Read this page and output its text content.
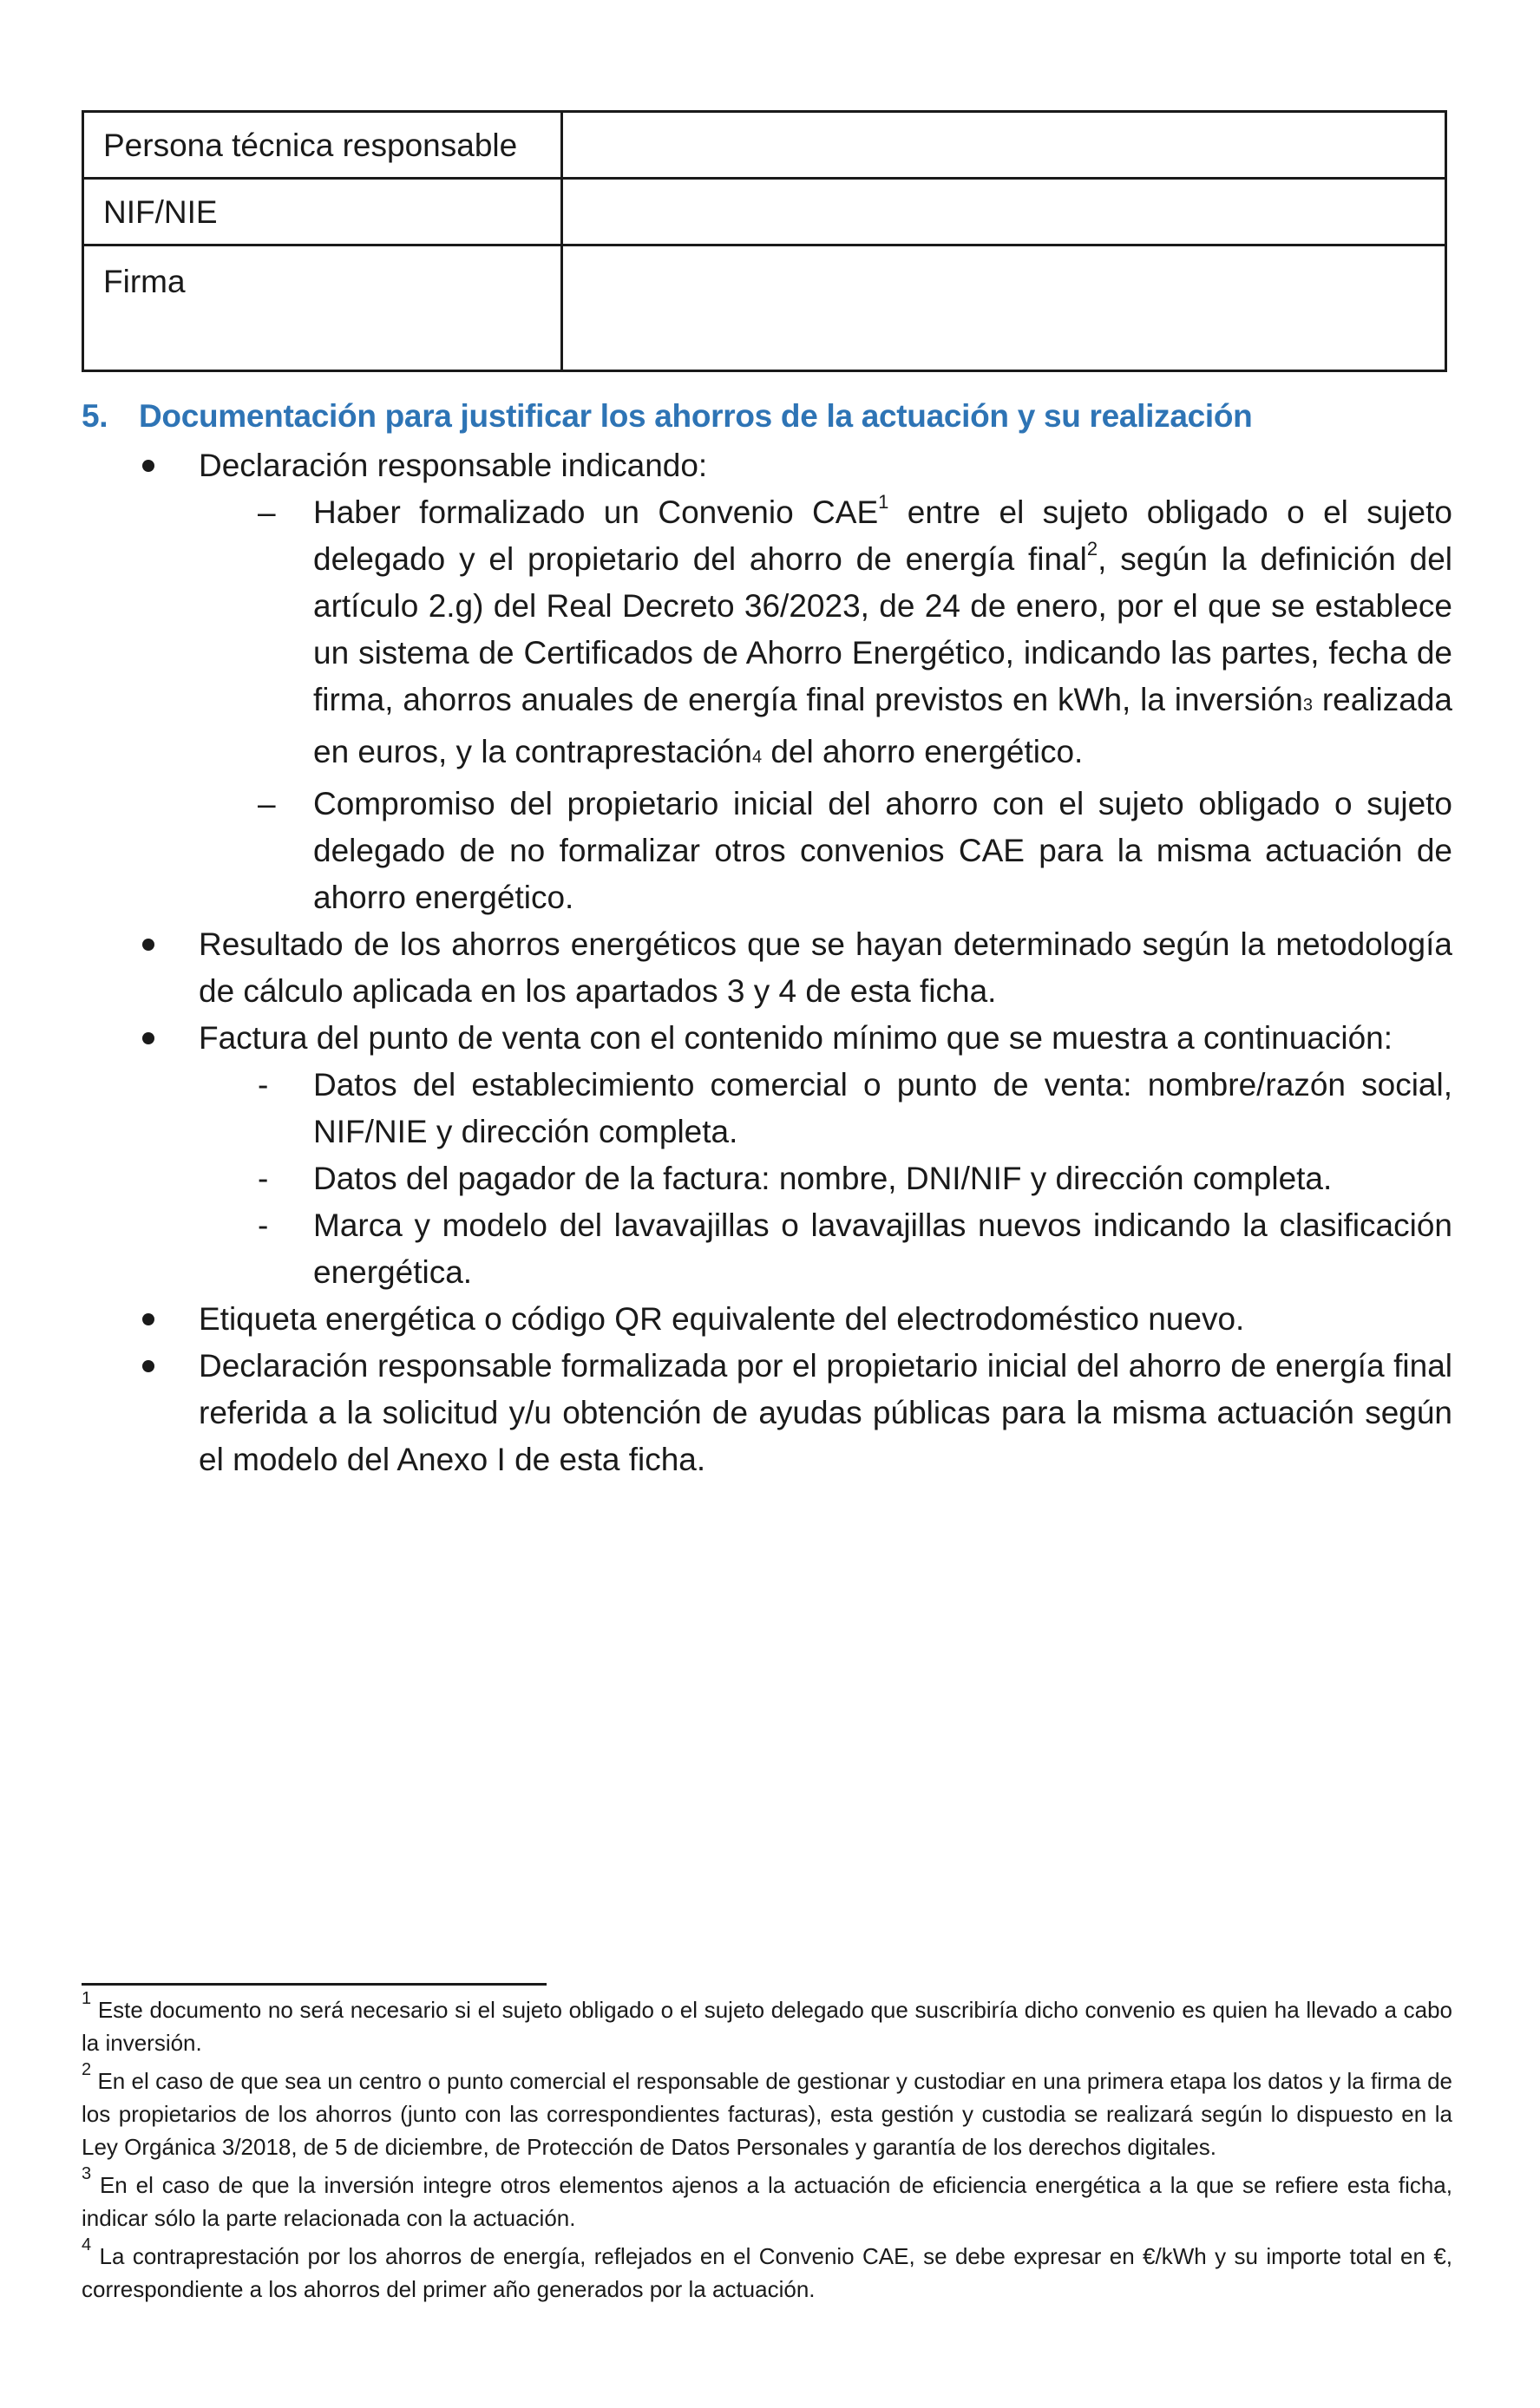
Persona técnica responsable	
NIF/NIE	
Firma	
5. Documentación para justificar los ahorros de la actuación y su realización
Declaración responsable indicando:
– Haber formalizado un Convenio CAE$^1$ entre el sujeto obligado o el sujeto delegado y el propietario del ahorro de energía final$^2$, según la definición del artículo 2.g) del Real Decreto 36/2023, de 24 de enero, por el que se establece un sistema de Certificados de Ahorro Energético, indicando las partes, fecha de firma, ahorros anuales de energía final previstos en kWh, la inversión3 realizada en euros, y la contraprestación4 del ahorro energético.
– Compromiso del propietario inicial del ahorro con el sujeto obligado o sujeto delegado de no formalizar otros convenios CAE para la misma actuación de ahorro energético.
Resultado de los ahorros energéticos que se hayan determinado según la metodología de cálculo aplicada en los apartados 3 y 4 de esta ficha.
Factura del punto de venta con el contenido mínimo que se muestra a continuación:
- Datos del establecimiento comercial o punto de venta: nombre/razón social, NIF/NIE y dirección completa.
- Datos del pagador de la factura: nombre, DNI/NIF y dirección completa.
- Marca y modelo del lavavajillas o lavavajillas nuevos indicando la clasificación energética.
Etiqueta energética o código QR equivalente del electrodoméstico nuevo.
Declaración responsable formalizada por el propietario inicial del ahorro de energía final referida a la solicitud y/u obtención de ayudas públicas para la misma actuación según el modelo del Anexo I de esta ficha.
$^1$ Este documento no será necesario si el sujeto obligado o el sujeto delegado que suscribiría dicho convenio es quien ha llevado a cabo la inversión.
$^2$ En el caso de que sea un centro o punto comercial el responsable de gestionar y custodiar en una primera etapa los datos y la firma de los propietarios de los ahorros (junto con las correspondientes facturas), esta gestión y custodia se realizará según lo dispuesto en la Ley Orgánica 3/2018, de 5 de diciembre, de Protección de Datos Personales y garantía de los derechos digitales.
$^3$ En el caso de que la inversión integre otros elementos ajenos a la actuación de eficiencia energética a la que se refiere esta ficha, indicar sólo la parte relacionada con la actuación.
$^4$ La contraprestación por los ahorros de energía, reflejados en el Convenio CAE, se debe expresar en €/kWh y su importe total en €, correspondiente a los ahorros del primer año generados por la actuación.
